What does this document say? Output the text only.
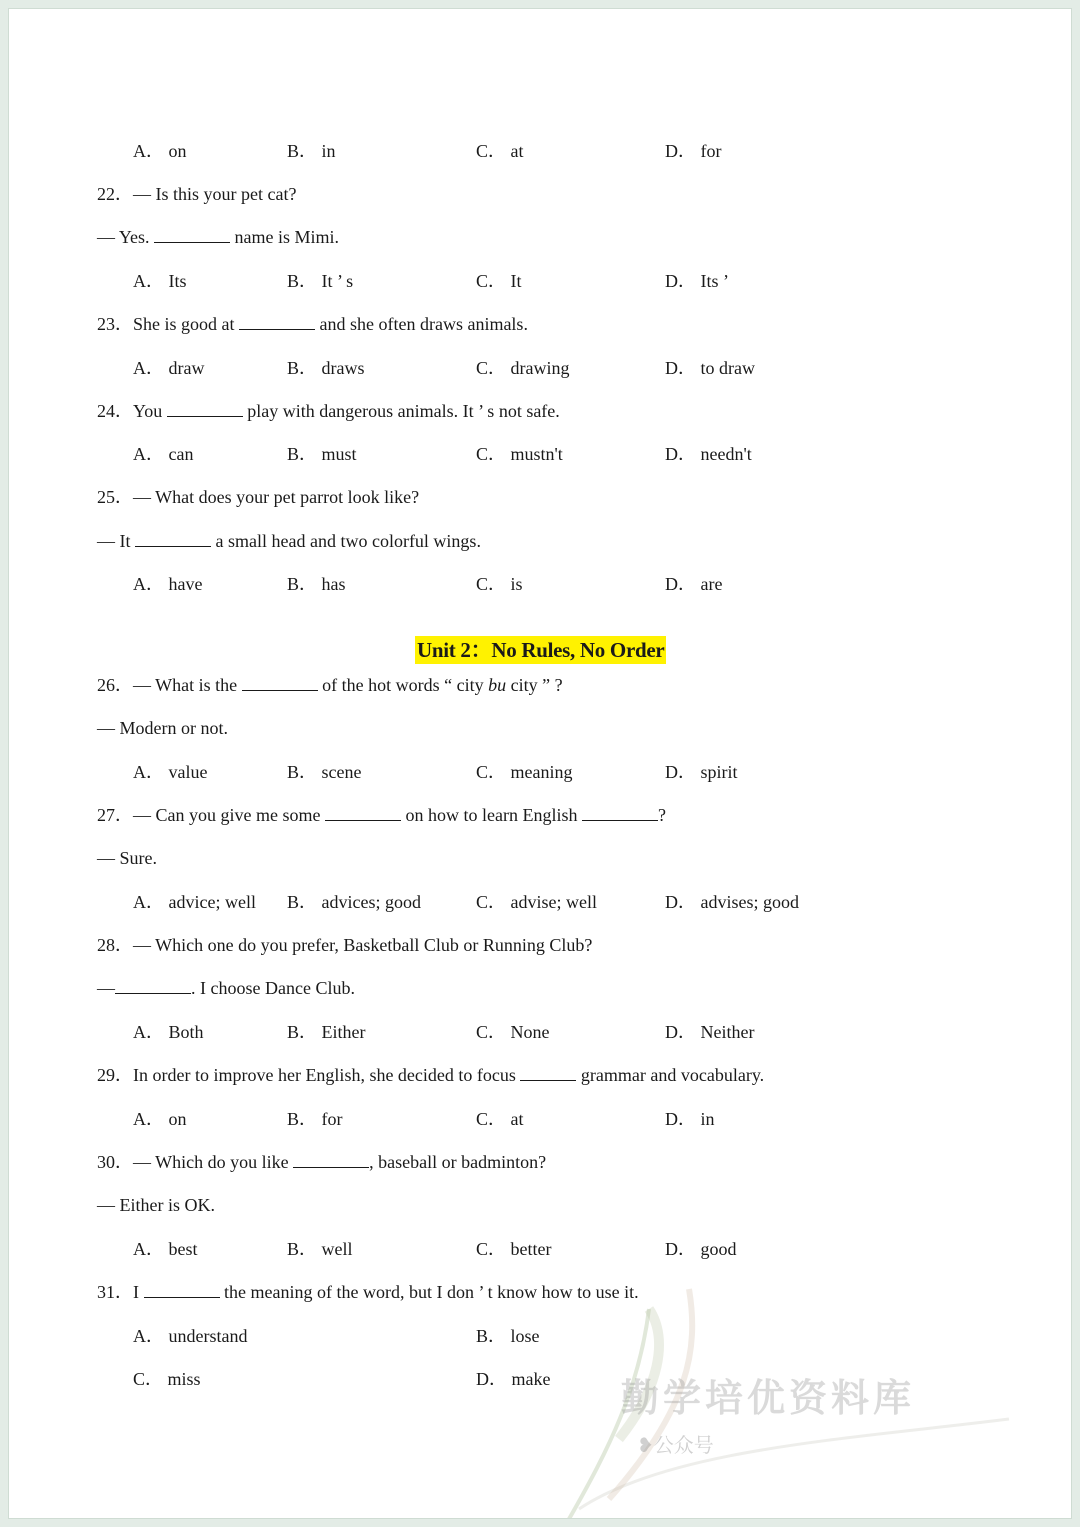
A． on	B． in	C． at	D． for
22．— Is this your pet cat?
— Yes.	name is Mimi.
A． Its	B． It ’ s	C． It	D． Its ’
23．She is good at	and she often draws animals.
A． draw	B． draws	C． drawing	D． to draw
24．You	play with dangerous animals. It ’ s not safe.
A． can	B． must	C． mustn't	D． needn't
25．— What does your pet parrot look like?
— It	a small head and two colorful wings.
A． have	B． has	C． is	D． are
Unit 2：No Rules, No Order
26．— What is the	of the hot words “ city bu city ” ?
— Modern or not.
A． value	B． scene	C． meaning	D． spirit
27．— Can you give me some	on how to learn English	?
— Sure.
A． advice; well B． advices; good	C． advise; well	D． advises; good
28．— Which one do you prefer, Basketball Club or Running Club?
—	. I choose Dance Club.
A． Both	B． Either	C． None	D． Neither
29．In order to improve her English, she decided to focus	grammar and vocabulary.
A． on	B． for	C． at	D． in
30．— Which do you like	, baseball or badminton?
— Either is OK.
A． best	B． well	C． better	D． good
31．I	the meaning of the word, but I don ’ t know how to use it.
A． understand	B． lose
C． miss	D． make 勤学培优资料库
❥公众号
